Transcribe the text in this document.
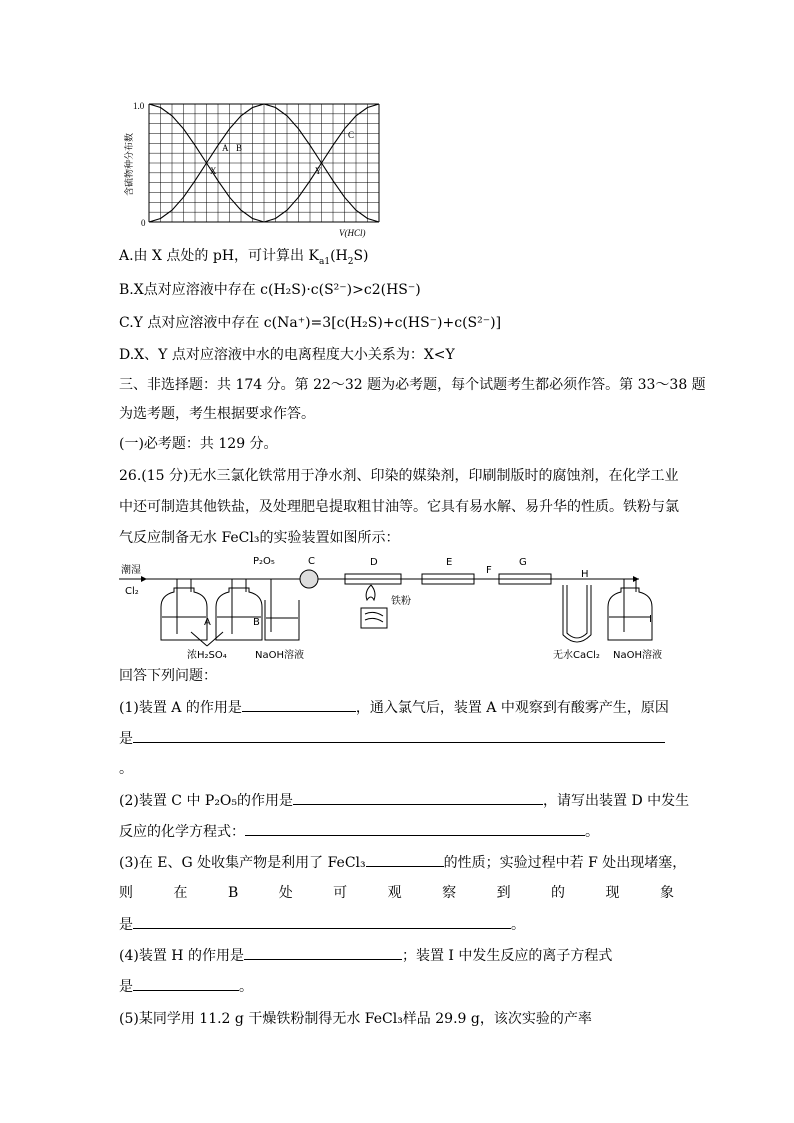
1.0
0
含硫物种分布数
V(HCl)
A B
C
X	Y
A.由 X 点处的 pH，可计算出 $K_{a1}(H_2S)$
B.X点对应溶液中存在 c(H₂S)·c(S²⁻)>c2(HS⁻)
C.Y 点对应溶液中存在 c(Na⁺)=3[c(H₂S)+c(HS⁻)+c(S²⁻)]
D.X、Y 点对应溶液中水的电离程度大小关系为：X<Y
三、非选择题：共 174 分。第 22～32 题为必考题，每个试题考生都必须作答。第 33～38 题
为选考题，考生根据要求作答。
(一)必考题：共 129 分。
26.(15 分)无水三氯化铁常用于净水剂、印染的媒染剂，印刷制版时的腐蚀剂，在化学工业
中还可制造其他铁盐，及处理肥皂提取粗甘油等。它具有易水解、易升华的性质。铁粉与氯
气反应制备无水 FeCl₃的实验装置如图所示：
潮湿
Cl₂
A	B
浓H₂SO₄	NaOH溶液
P₂O₅	C	D
铁粉
E
F
G
H
无水CaCl₂
I
NaOH溶液
回答下列问题：
(1)装置 A 的作用是	，通入氯气后，装置 A 中观察到有酸雾产生，原因
是
。
(2)装置 C 中 P₂O₅的作用是	，请写出装置 D 中发生
反应的化学方程式：	。
(3)在 E、G 处收集产物是利用了 FeCl₃	的性质；实验过程中若 F 处出现堵塞，
则	在	B	处	可	观	察	到	的	现	象
是	。
(4)装置 H 的作用是	；装置 I 中发生反应的离子方程式
是	。
(5)某同学用 11.2 g 干燥铁粉制得无水 FeCl₃样品 29.9 g，该次实验的产率
